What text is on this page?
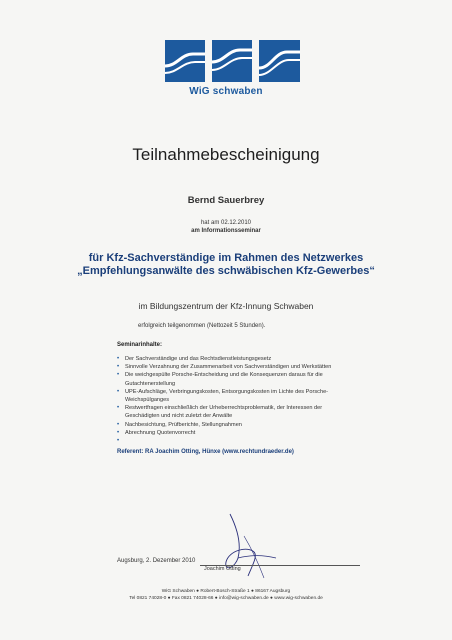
WiG schwaben
Teilnahmebescheinigung
Bernd Sauerbrey
hat am 02.12.2010
am Informationsseminar
für Kfz-Sachverständige im Rahmen des Netzwerkes
„Empfehlungsanwälte des schwäbischen Kfz-Gewerbes“
im Bildungszentrum der Kfz-Innung Schwaben
erfolgreich teilgenommen (Nettozeit 5 Stunden).
Seminarinhalte:
• Der Sachverständige und das Rechtsdienstleistungsgesetz
• Sinnvolle Verzahnung der Zusammenarbeit von Sachverständigen und Werkstätten
• Die weichgespülte Porsche-Entscheidung und die Konsequenzen daraus für die
Gutachtenerstellung
• UPE-Aufschläge, Verbringungskosten, Entsorgungskosten im Lichte des Porsche-
Weichspülganges
• Restwertfragen einschließlich der Urheberrechtsproblematik, der Interessen der
Geschädigten und nicht zuletzt der Anwälte
• Nachbesichtung, Prüfberichte, Stellungnahmen
• Abrechnung Quotenvorrecht
Referent: RA Joachim Otting, Hünxe (www.rechtundraeder.de)
Augsburg, 2. Dezember 2010
Joachim Otting
WiG Schwaben ● Robert-Bosch-Straße 1 ● 86167 Augsburg
Tel 0821 74028-0 ● Fax 0821 74028-66 ● info@wig-schwaben.de ● www.wig-schwaben.de
